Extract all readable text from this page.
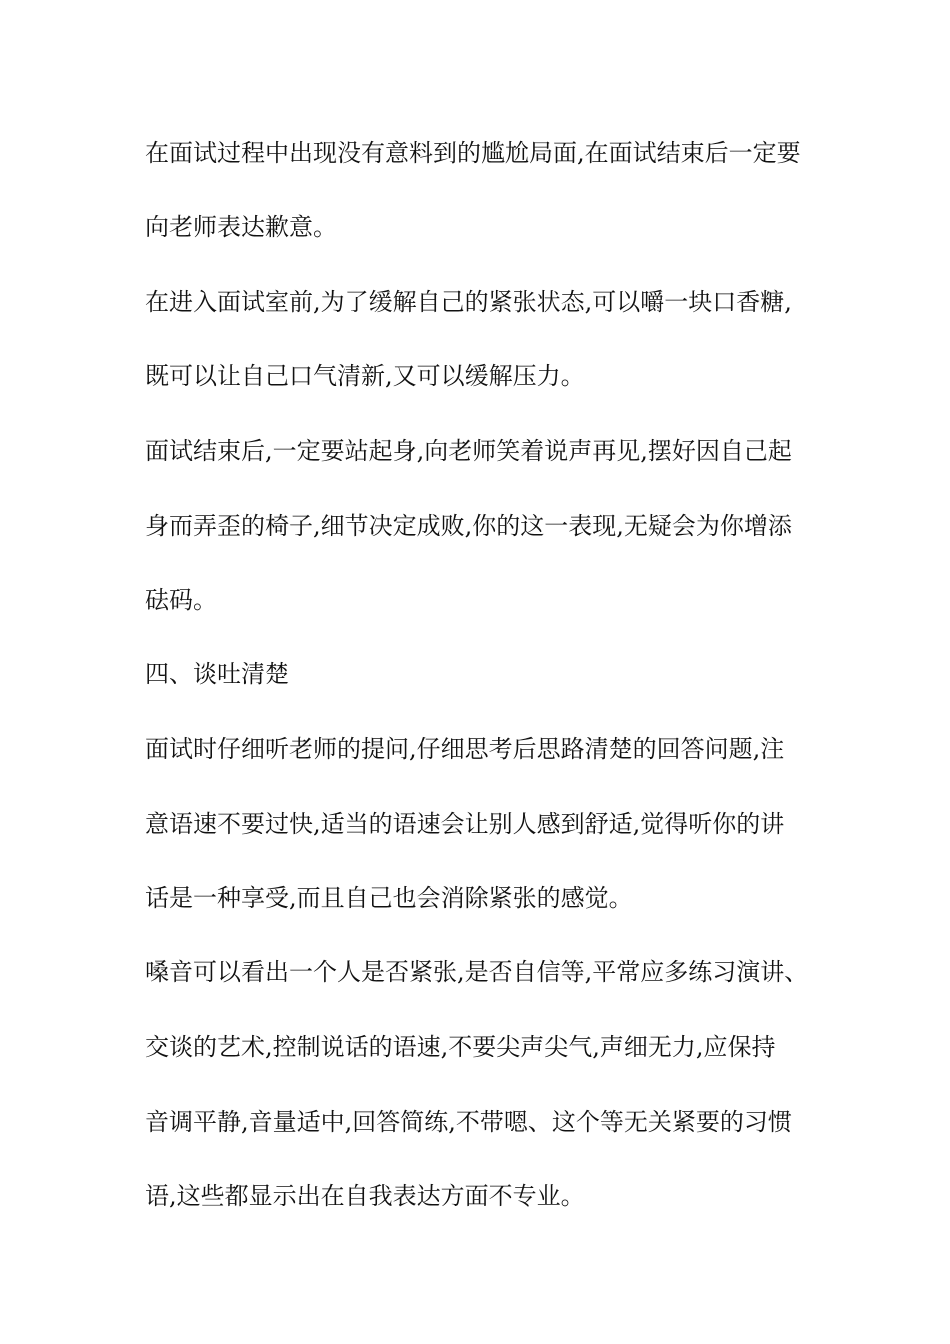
在面试过程中出现没有意料到的尴尬局面,在面试结束后一定要
向老师表达歉意。
在进入面试室前,为了缓解自己的紧张状态,可以嚼一块口香糖,
既可以让自己口气清新,又可以缓解压力。
面试结束后,一定要站起身,向老师笑着说声再见,摆好因自己起
身而弄歪的椅子,细节决定成败,你的这一表现,无疑会为你增添
砝码。
四、谈吐清楚
面试时仔细听老师的提问,仔细思考后思路清楚的回答问题,注
意语速不要过快,适当的语速会让别人感到舒适,觉得听你的讲
话是一种享受,而且自己也会消除紧张的感觉。
嗓音可以看出一个人是否紧张,是否自信等,平常应多练习演讲、
交谈的艺术,控制说话的语速,不要尖声尖气,声细无力,应保持
音调平静,音量适中,回答简练,不带嗯、这个等无关紧要的习惯
语,这些都显示出在自我表达方面不专业。
